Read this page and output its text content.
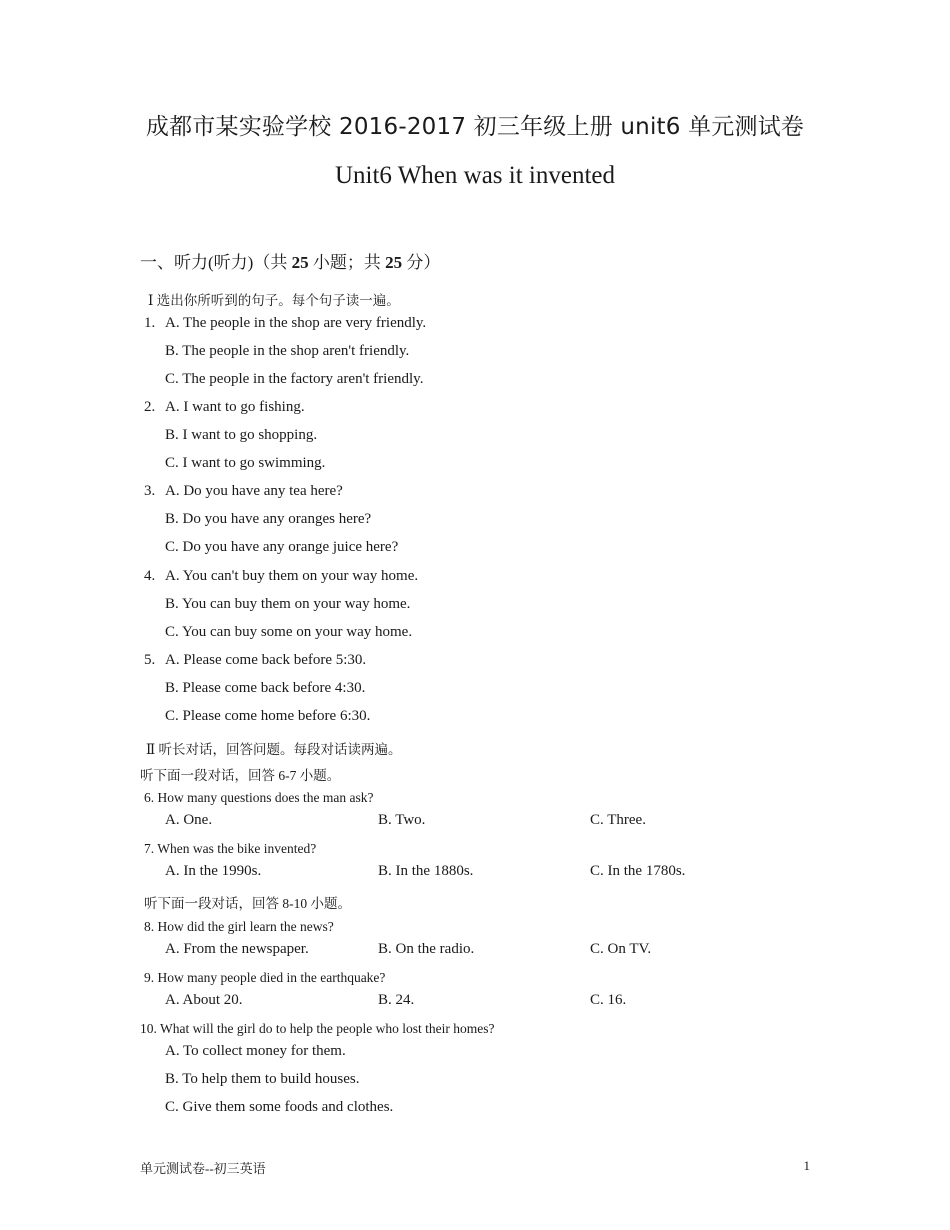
成都市某实验学校 2016-2017 初三年级上册 unit6 单元测试卷
Unit6 When was it invented
一、听力(听力)（共 25 小题；共 25 分）
Ⅰ 选出你所听到的句子。每个句子读一遍。
1. A. The people in the shop are very friendly.
B. The people in the shop aren't friendly.
C. The people in the factory aren't friendly.
2. A. I want to go fishing.
B. I want to go shopping.
C. I want to go swimming.
3. A. Do you have any tea here?
B. Do you have any oranges here?
C. Do you have any orange juice here?
4. A. You can't buy them on your way home.
B. You can buy them on your way home.
C. You can buy some on your way home.
5. A. Please come back before 5:30.
B. Please come back before 4:30.
C. Please come home before 6:30.
Ⅱ 听长对话，回答问题。每段对话读两遍。
听下面一段对话，回答 6-7 小题。
6. How many questions does the man ask?
A. One.	B. Two.	C. Three.
7. When was the bike invented?
A. In the 1990s.	B. In the 1880s.	C. In the 1780s.
听下面一段对话，回答 8-10 小题。
8. How did the girl learn the news?
A. From the newspaper.	B. On the radio.	C. On TV.
9. How many people died in the earthquake?
A. About 20.	B. 24.	C. 16.
10. What will the girl do to help the people who lost their homes?
A. To collect money for them.
B. To help them to build houses.
C. Give them some foods and clothes.
单元测试卷--初三英语	1
